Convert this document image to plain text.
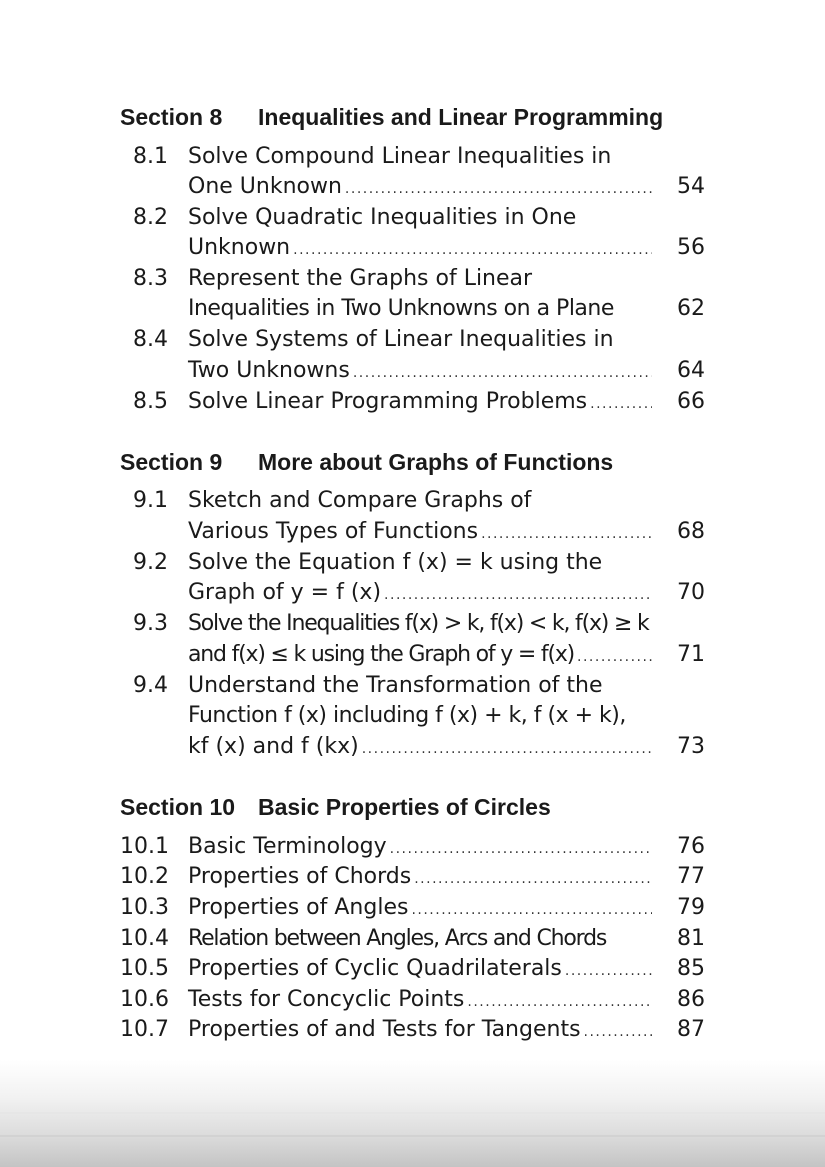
Section 8 Inequalities and Linear Programming
8.1 Solve Compound Linear Inequalities in
One Unknown .....	54
8.2 Solve Quadratic Inequalities in One
Unknown .....	56
8.3 Represent the Graphs of Linear
Inequalities in Two Unknowns on a Plane	62
8.4 Solve Systems of Linear Inequalities in
Two Unknowns .....	64
8.5 Solve Linear Programming Problems .....	66
Section 9 More about Graphs of Functions
9.1 Sketch and Compare Graphs of
Various Types of Functions .....	68
9.2 Solve the Equation f (x) = k using the
Graph of y = f (x) .....	70
9.3 Solve the Inequalities f(x) > k, f(x) < k, f(x) ≥ k
and f(x) ≤ k using the Graph of y = f(x) .....	71
9.4 Understand the Transformation of the
Function f (x) including f (x) + k, f (x + k),
kf (x) and f (kx) .....	73
Section 10 Basic Properties of Circles
10.1 Basic Terminology .....	76
10.2 Properties of Chords .....	77
10.3 Properties of Angles .....	79
10.4 Relation between Angles, Arcs and Chords	81
10.5 Properties of Cyclic Quadrilaterals .....	85
10.6 Tests for Concyclic Points .....	86
10.7 Properties of and Tests for Tangents .....	87
